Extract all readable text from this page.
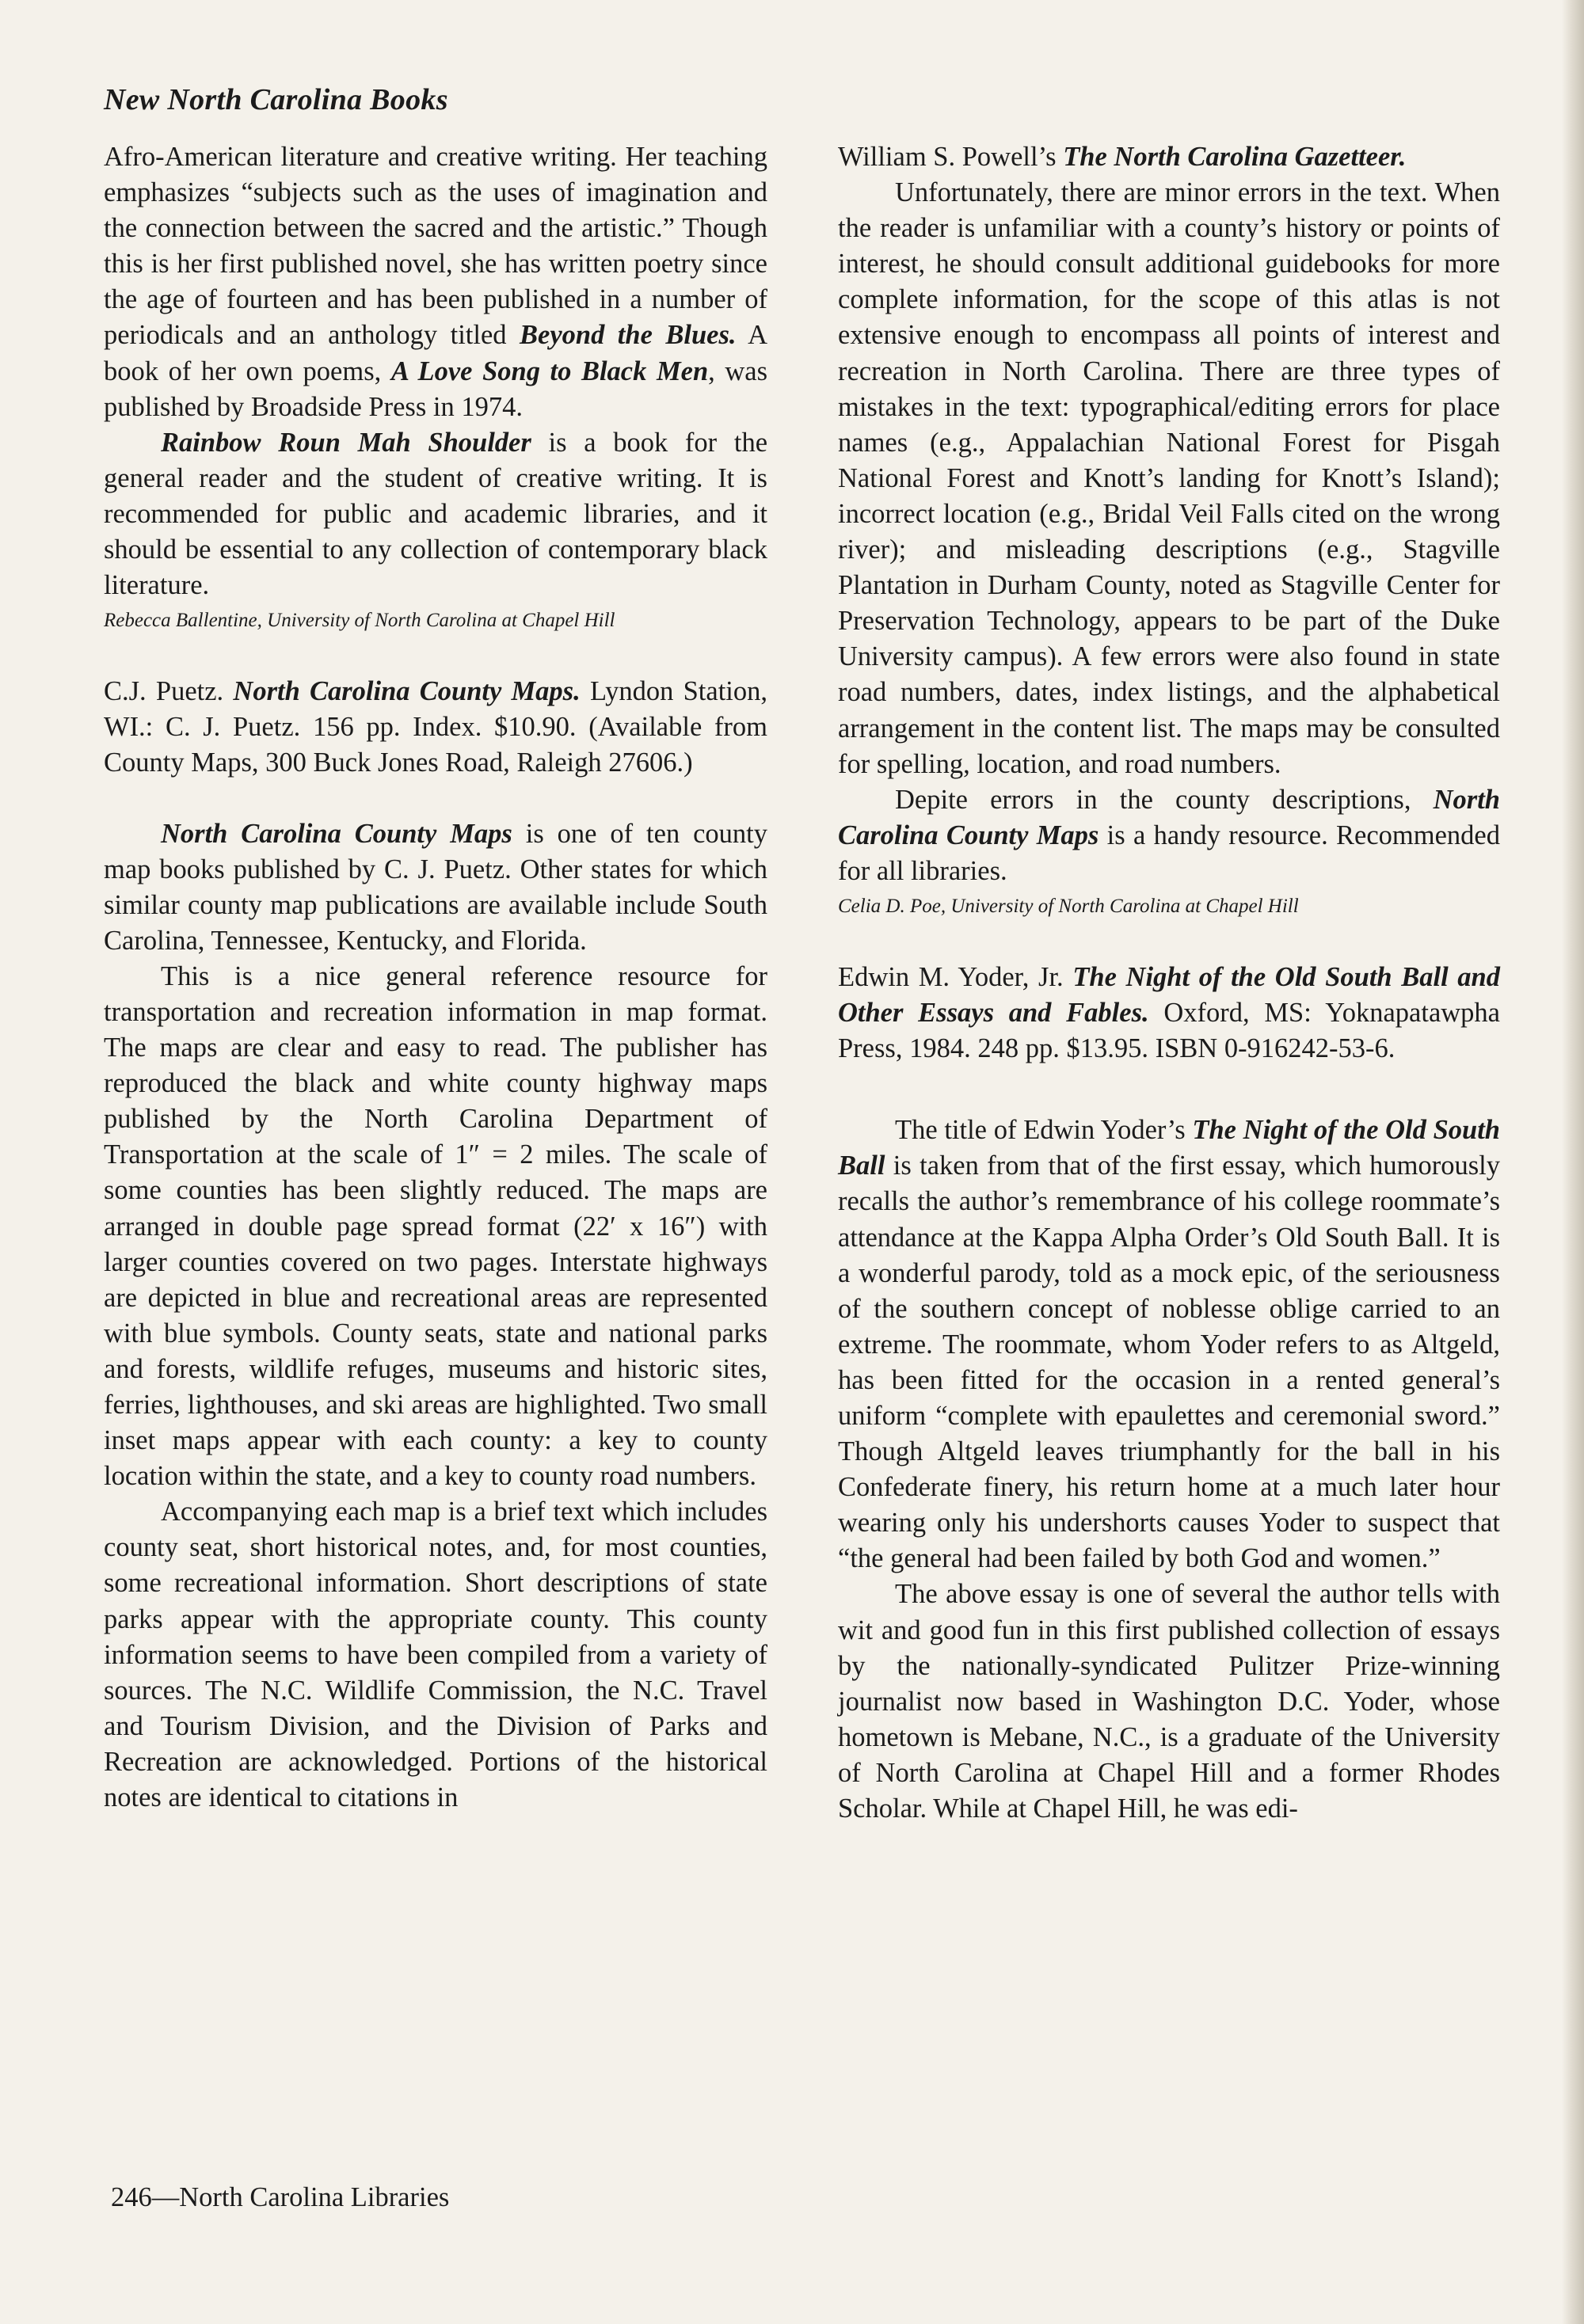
New North Carolina Books

Afro-American literature and creative writing. Her teaching emphasizes “subjects such as the uses of imagination and the connection between the sacred and the artistic.” Though this is her first published novel, she has written poetry since the age of fourteen and has been published in a number of periodicals and an anthology titled Beyond the Blues. A book of her own poems, A Love Song to Black Men, was published by Broadside Press in 1974.

Rainbow Roun Mah Shoulder is a book for the general reader and the student of creative writing. It is recommended for public and academic libraries, and it should be essential to any collection of contemporary black literature.

Rebecca Ballentine, University of North Carolina at Chapel Hill

C.J. Puetz. North Carolina County Maps. Lyndon Station, WI.: C. J. Puetz. 156 pp. Index. $10.90. (Available from County Maps, 300 Buck Jones Road, Raleigh 27606.)

North Carolina County Maps is one of ten county map books published by C. J. Puetz. Other states for which similar county map publications are available include South Carolina, Tennessee, Kentucky, and Florida.

This is a nice general reference resource for transportation and recreation information in map format. The maps are clear and easy to read. The publisher has reproduced the black and white county highway maps published by the North Carolina Department of Transportation at the scale of 1″ = 2 miles. The scale of some counties has been slightly reduced. The maps are arranged in double page spread format (22′ x 16″) with larger counties covered on two pages. Interstate highways are depicted in blue and recreational areas are represented with blue symbols. County seats, state and national parks and forests, wildlife refuges, museums and historic sites, ferries, lighthouses, and ski areas are highlighted. Two small inset maps appear with each county: a key to county location within the state, and a key to county road numbers.

Accompanying each map is a brief text which includes county seat, short historical notes, and, for most counties, some recreational information. Short descriptions of state parks appear with the appropriate county. This county information seems to have been compiled from a variety of sources. The N.C. Wildlife Commission, the N.C. Travel and Tourism Division, and the Division of Parks and Recreation are acknowledged. Portions of the historical notes are identical to citations in

William S. Powell’s The North Carolina Gazetteer.

Unfortunately, there are minor errors in the text. When the reader is unfamiliar with a county’s history or points of interest, he should consult additional guidebooks for more complete information, for the scope of this atlas is not extensive enough to encompass all points of interest and recreation in North Carolina. There are three types of mistakes in the text: typographical/editing errors for place names (e.g., Appalachian National Forest for Pisgah National Forest and Knott’s landing for Knott’s Island); incorrect location (e.g., Bridal Veil Falls cited on the wrong river); and misleading descriptions (e.g., Stagville Plantation in Durham County, noted as Stagville Center for Preservation Technology, appears to be part of the Duke University campus). A few errors were also found in state road numbers, dates, index listings, and the alphabetical arrangement in the content list. The maps may be consulted for spelling, location, and road numbers.

Depite errors in the county descriptions, North Carolina County Maps is a handy resource. Recommended for all libraries.

Celia D. Poe, University of North Carolina at Chapel Hill

Edwin M. Yoder, Jr. The Night of the Old South Ball and Other Essays and Fables. Oxford, MS: Yoknapatawpha Press, 1984. 248 pp. $13.95. ISBN 0-916242-53-6.

The title of Edwin Yoder’s The Night of the Old South Ball is taken from that of the first essay, which humorously recalls the author’s remembrance of his college roommate’s attendance at the Kappa Alpha Order’s Old South Ball. It is a wonderful parody, told as a mock epic, of the seriousness of the southern concept of noblesse oblige carried to an extreme. The roommate, whom Yoder refers to as Altgeld, has been fitted for the occasion in a rented general’s uniform “complete with epaulettes and ceremonial sword.” Though Altgeld leaves triumphantly for the ball in his Confederate finery, his return home at a much later hour wearing only his undershorts causes Yoder to suspect that “the general had been failed by both God and women.”

The above essay is one of several the author tells with wit and good fun in this first published collection of essays by the nationally-syndicated Pulitzer Prize-winning journalist now based in Washington D.C. Yoder, whose hometown is Mebane, N.C., is a graduate of the University of North Carolina at Chapel Hill and a former Rhodes Scholar. While at Chapel Hill, he was edi-

246—North Carolina Libraries
